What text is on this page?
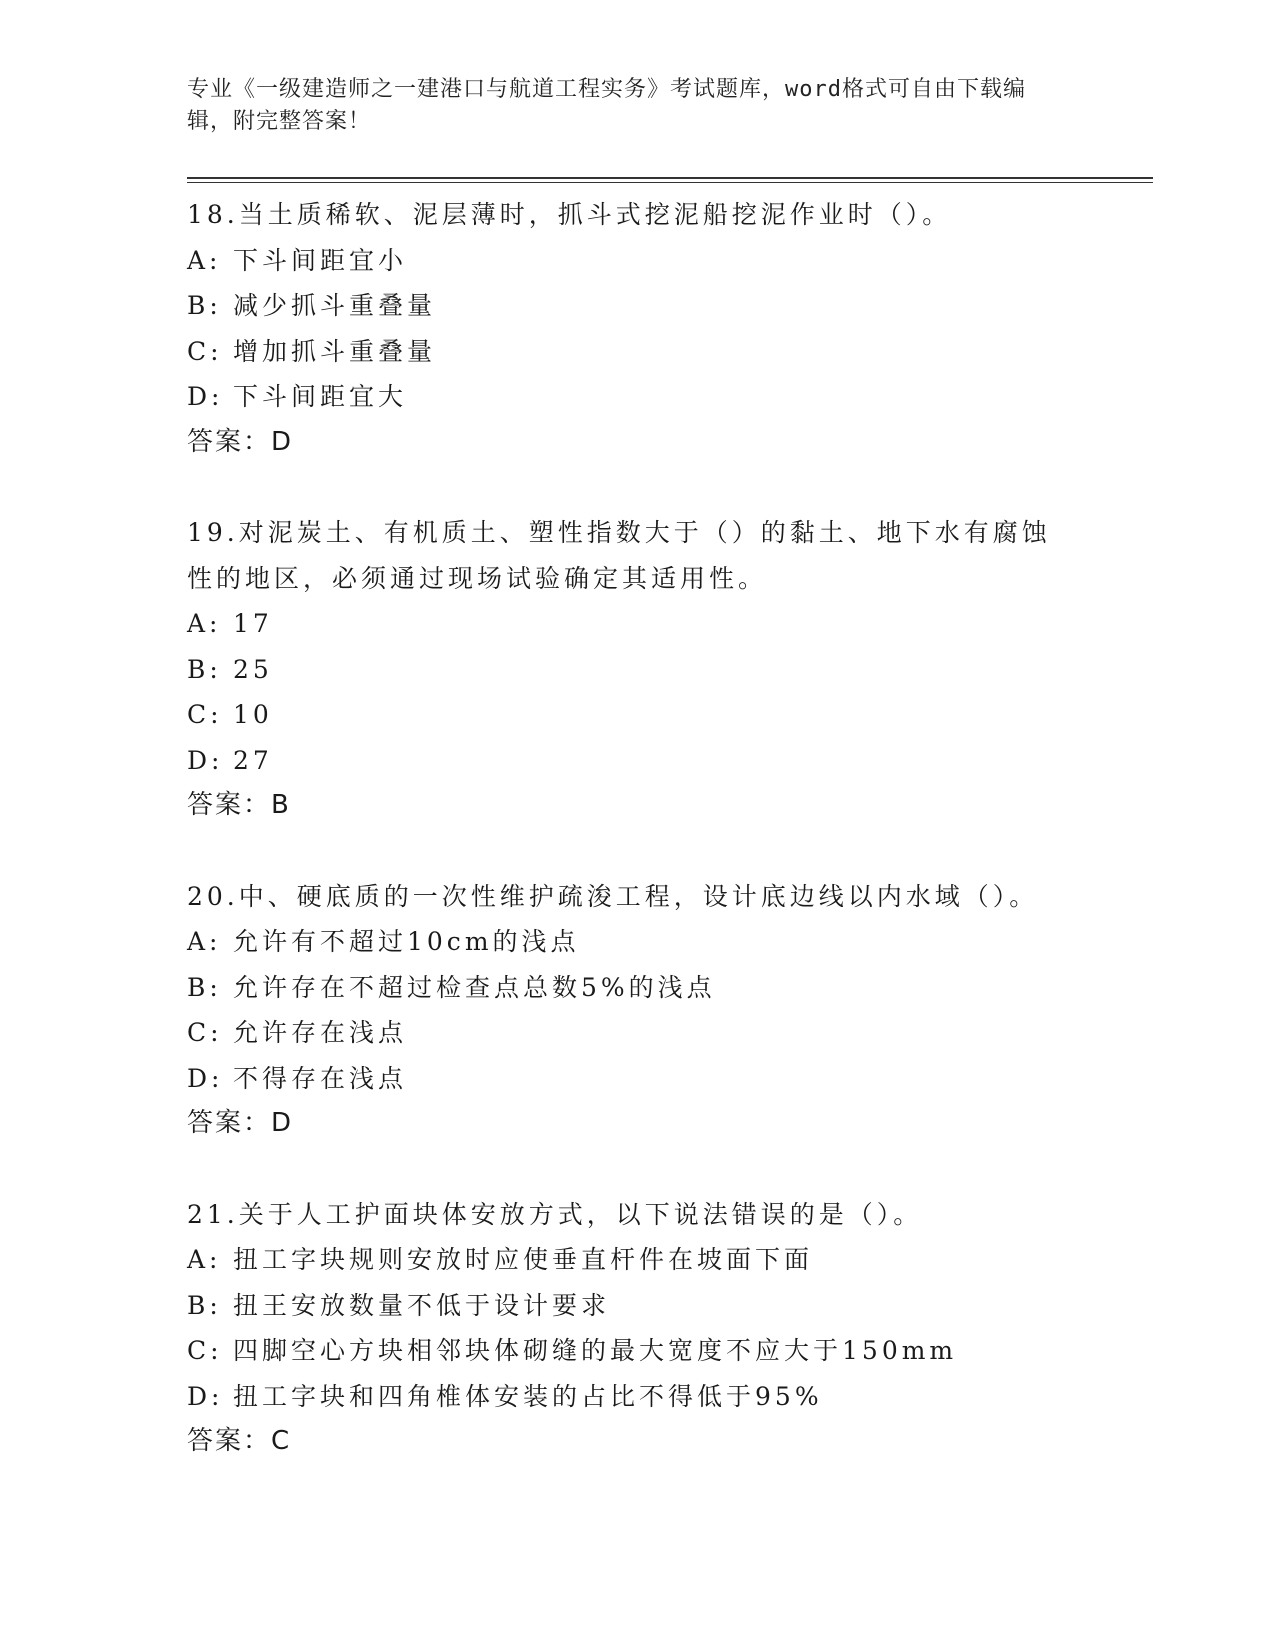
专业《一级建造师之一建港口与航道工程实务》考试题库，word格式可自由下载编辑，附完整答案！
18.当土质稀软、泥层薄时，抓斗式挖泥船挖泥作业时（）。
A: 下斗间距宜小
B: 减少抓斗重叠量
C: 增加抓斗重叠量
D: 下斗间距宜大
答案：D
19.对泥炭土、有机质土、塑性指数大于（）的黏土、地下水有腐蚀性的地区，必须通过现场试验确定其适用性。
A: 17
B: 25
C: 10
D: 27
答案：B
20.中、硬底质的一次性维护疏浚工程，设计底边线以内水域（）。
A: 允许有不超过10cm的浅点
B: 允许存在不超过检查点总数5%的浅点
C: 允许存在浅点
D: 不得存在浅点
答案：D
21.关于人工护面块体安放方式，以下说法错误的是（）。
A: 扭工字块规则安放时应使垂直杆件在坡面下面
B: 扭王安放数量不低于设计要求
C: 四脚空心方块相邻块体砌缝的最大宽度不应大于150mm
D: 扭工字块和四角椎体安装的占比不得低于95%
答案：C
